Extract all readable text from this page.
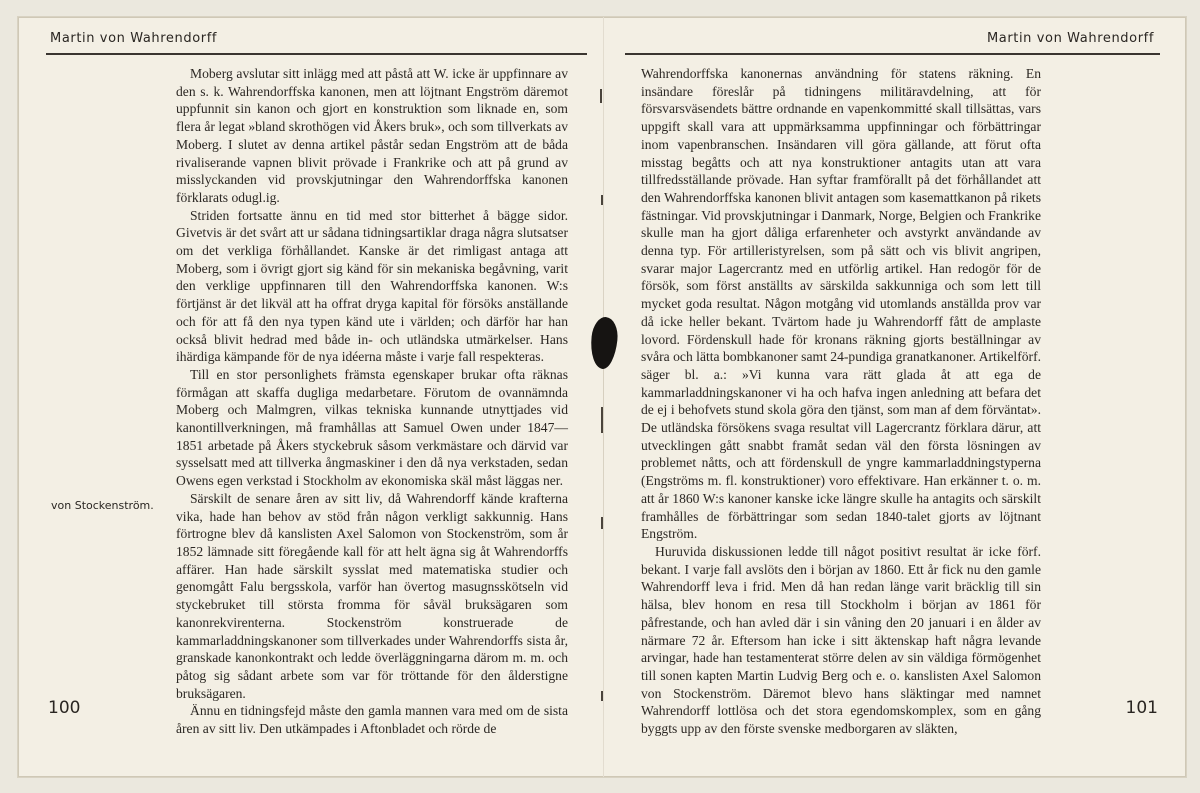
Martin von Wahrendorff

Moberg avslutar sitt inlägg med att påstå att W. icke är uppfinnare av den s. k. Wahrendorffska kanonen, men att löjtnant Engström däremot uppfunnit sin kanon och gjort en konstruktion som liknade en, som flera år legat »bland skrothögen vid Åkers bruk», och som tillverkats av Moberg. I slutet av denna artikel påstår sedan Engström att de båda rivaliserande vapnen blivit prövade i Frankrike och att på grund av misslyckanden vid provskjutningar den Wahrendorffska kanonen förklarats odugl.ig.

Striden fortsatte ännu en tid med stor bitterhet å bägge sidor. Givetvis är det svårt att ur sådana tidningsartiklar draga några slutsatser om det verkliga förhållandet. Kanske är det rimligast antaga att Moberg, som i övrigt gjort sig känd för sin mekaniska begåvning, varit den verklige uppfinnaren till den Wahrendorffska kanonen. W:s förtjänst är det likväl att ha offrat dryga kapital för försöks anställande och för att få den nya typen känd ute i världen; och därför har han också blivit hedrad med både in- och utländska utmärkelser. Hans ihärdiga kämpande för de nya idéerna måste i varje fall respekteras.

Till en stor personlighets främsta egenskaper brukar ofta räknas förmågan att skaffa dugliga medarbetare. Förutom de ovannämnda Moberg och Malmgren, vilkas tekniska kunnande utnyttjades vid kanontillverkningen, må framhållas att Samuel Owen under 1847—1851 arbetade på Åkers styckebruk såsom verkmästare och därvid var sysselsatt med att tillverka ångmaskiner i den då nya verkstaden, sedan Owens egen verkstad i Stockholm av ekonomiska skäl måst läggas ner.

Särskilt de senare åren av sitt liv, då Wahrendorff kände krafterna vika, hade han behov av stöd från någon verkligt sakkunnig. Hans förtrogne blev då kanslisten Axel Salomon von Stockenström, som år 1852 lämnade sitt föregående kall för att helt ägna sig åt Wahrendorffs affärer. Han hade särskilt sysslat med matematiska studier och genomgått Falu bergsskola, varför han övertog masugnsskötseln vid styckebruket till största fromma för såväl bruksägaren som kanonrekvirenterna. Stockenström konstruerade de kammarladdningskanoner som tillverkades under Wahrendorffs sista år, granskade kanonkontrakt och ledde överläggningarna därom m. m. och påtog sig sådant arbete som var för tröttande för den ålderstigne bruksägaren.

Ännu en tidningsfejd måste den gamla mannen vara med om de sista åren av sitt liv. Den utkämpades i Aftonbladet och rörde de

von Stockenström.
100
Martin von Wahrendorff

Wahrendorffska kanonernas användning för statens räkning. En insändare föreslår på tidningens militäravdelning, att för försvarsväsendets bättre ordnande en vapenkommitté skall tillsättas, vars uppgift skall vara att uppmärksamma uppfinningar och förbättringar inom vapenbranschen. Insändaren vill göra gällande, att förut ofta misstag begåtts och att nya konstruktioner antagits utan att vara tillfredsställande prövade. Han syftar framförallt på det förhållandet att den Wahrendorffska kanonen blivit antagen som kasemattkanon på rikets fästningar. Vid provskjutningar i Danmark, Norge, Belgien och Frankrike skulle man ha gjort dåliga erfarenheter och avstyrkt användande av denna typ. För artilleristyrelsen, som på sätt och vis blivit angripen, svarar major Lagercrantz med en utförlig artikel. Han redogör för de försök, som först anställts av särskilda sakkunniga och som lett till mycket goda resultat. Någon motgång vid utomlands anställda prov var då icke heller bekant. Tvärtom hade ju Wahrendorff fått de amplaste lovord. Fördenskull hade för kronans räkning gjorts beställningar av svåra och lätta bombkanoner samt 24-pundiga granatkanoner. Artikelförf. säger bl. a.: »Vi kunna vara rätt glada åt att ega de kammarladdningskanoner vi ha och hafva ingen anledning att befara det de ej i behofvets stund skola göra den tjänst, som man af dem förväntat». De utländska försökens svaga resultat vill Lagercrantz förklara därur, att utvecklingen gått snabbt framåt sedan väl den första lösningen av problemet nåtts, och att fördenskull de yngre kammarladdningstyperna (Engströms m. fl. konstruktioner) voro effektivare. Han erkänner t. o. m. att år 1860 W:s kanoner kanske icke längre skulle ha antagits och särskilt framhålles de förbättringar som sedan 1840-talet gjorts av löjtnant Engström.

Huruvida diskussionen ledde till något positivt resultat är icke förf. bekant. I varje fall avslöts den i början av 1860. Ett år fick nu den gamle Wahrendorff leva i frid. Men då han redan länge varit bräcklig till sin hälsa, blev honom en resa till Stockholm i början av 1861 för påfrestande, och han avled där i sin våning den 20 januari i en ålder av närmare 72 år. Eftersom han icke i sitt äktenskap haft några levande arvingar, hade han testamenterat större delen av sin väldiga förmögenhet till sonen kapten Martin Ludvig Berg och e. o. kanslisten Axel Salomon von Stockenström. Däremot blevo hans släktingar med namnet Wahrendorff lottlösa och det stora egendomskomplex, som en gång byggts upp av den förste svenske medborgaren av släkten,

101
